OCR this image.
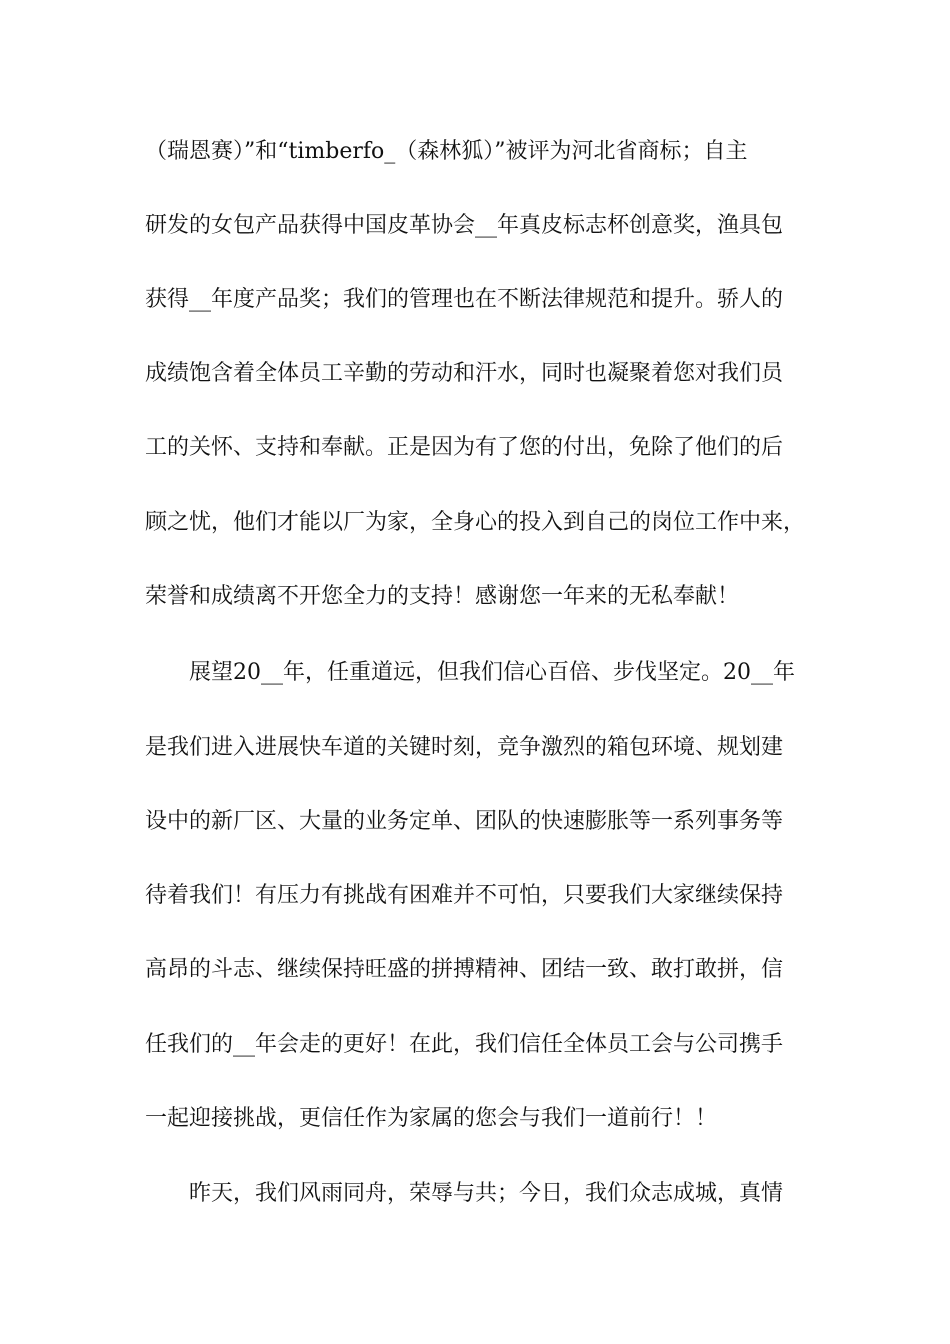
（瑞恩赛）”和“timberfo_（森林狐）”被评为河北省商标；自主
研发的女包产品获得中国皮革协会__年真皮标志杯创意奖，渔具包
获得__年度产品奖；我们的管理也在不断法律规范和提升。骄人的
成绩饱含着全体员工辛勤的劳动和汗水，同时也凝聚着您对我们员
工的关怀、支持和奉献。正是因为有了您的付出，免除了他们的后
顾之忧，他们才能以厂为家，全身心的投入到自己的岗位工作中来，
荣誉和成绩离不开您全力的支持！感谢您一年来的无私奉献！
展望20__年，任重道远，但我们信心百倍、步伐坚定。20__年
是我们进入进展快车道的关键时刻，竞争激烈的箱包环境、规划建
设中的新厂区、大量的业务定单、团队的快速膨胀等一系列事务等
待着我们！有压力有挑战有困难并不可怕，只要我们大家继续保持
高昂的斗志、继续保持旺盛的拼搏精神、团结一致、敢打敢拼，信
任我们的__年会走的更好！在此，我们信任全体员工会与公司携手
一起迎接挑战，更信任作为家属的您会与我们一道前行！！
昨天，我们风雨同舟，荣辱与共；今日，我们众志成城，真情
